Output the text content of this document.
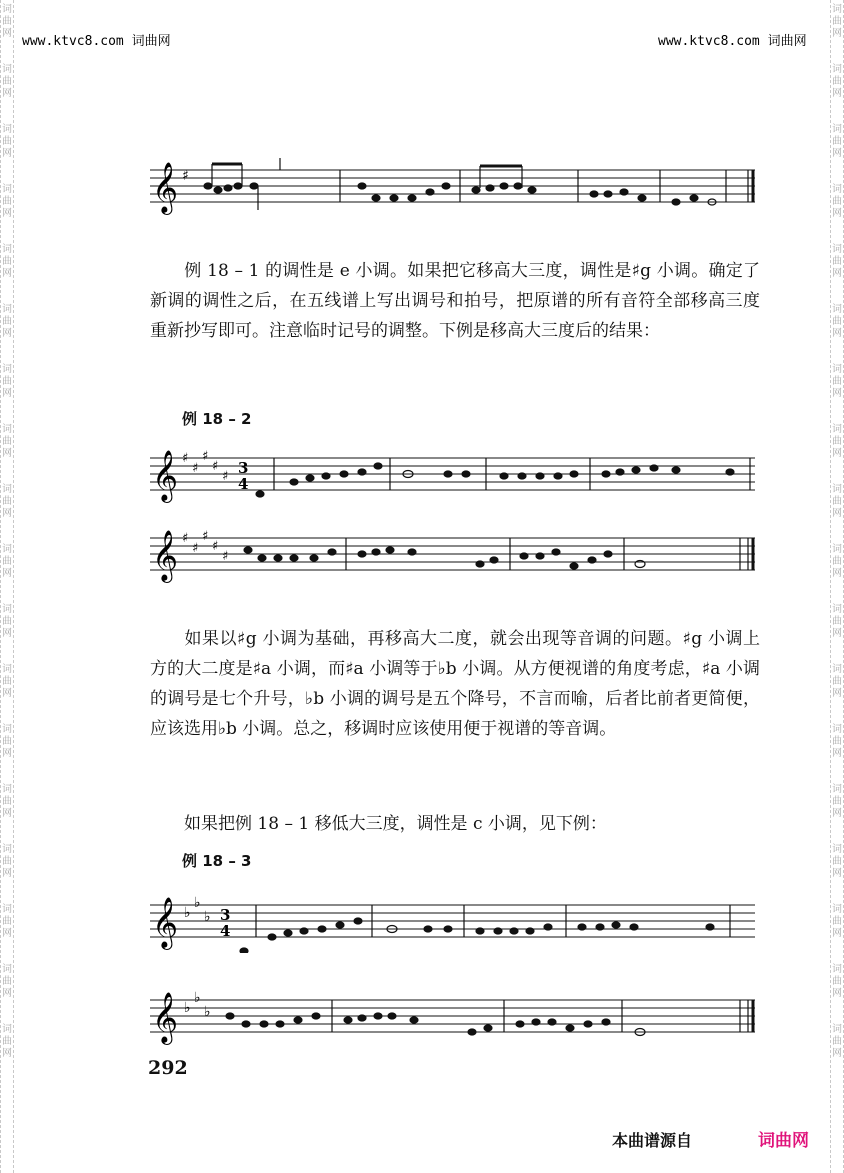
词
曲
网
词
曲
网
词
曲
网
词
曲
网
词
曲
网
词
曲
网
词
曲
网
词
曲
网
词
曲
网
词
曲
网
词
曲
网
词
曲
网
词
曲
网
词
曲
网
词
曲
网
词
曲
网
词
曲
网
词
曲
网
词
曲
网
词
曲
网
词
曲
网
词
曲
网
词
曲
网
词
曲
网
词
曲
网
词
曲
网
词
曲
网
词
曲
网
词
曲
网
词
曲
网
词
曲
网
词
曲
网
词
曲
网
词
曲
网
词
曲
网
词
曲
网
www.ktvc8.com 词曲网	www.ktvc8.com 词曲网
𝄞 ♯
例 18 – 1 的调性是 e 小调。如果把它移高大三度，调性是♯g 小调。确定了新调的调性之后，在五线谱上写出调号和拍号，把原谱的所有音符全部移高三度重新抄写即可。注意临时记号的调整。下例是移高大三度后的结果：
例 18 – 2
𝄞 ♯
♯
♯
♯
♯ 3
4
𝄞 ♯
♯
♯
♯
♯
如果以♯g 小调为基础，再移高大二度，就会出现等音调的问题。♯g 小调上方的大二度是♯a 小调，而♯a 小调等于♭b 小调。从方便视谱的角度考虑，♯a 小调的调号是七个升号，♭b 小调的调号是五个降号，不言而喻，后者比前者更简便，应该选用♭b 小调。总之，移调时应该使用便于视谱的等音调。
如果把例 18 – 1 移低大三度，调性是 c 小调，见下例：
例 18 – 3
𝄞 ♭
♭
♭ 3
4
𝄞 ♭
♭
♭
292
本曲谱源自	词曲网
